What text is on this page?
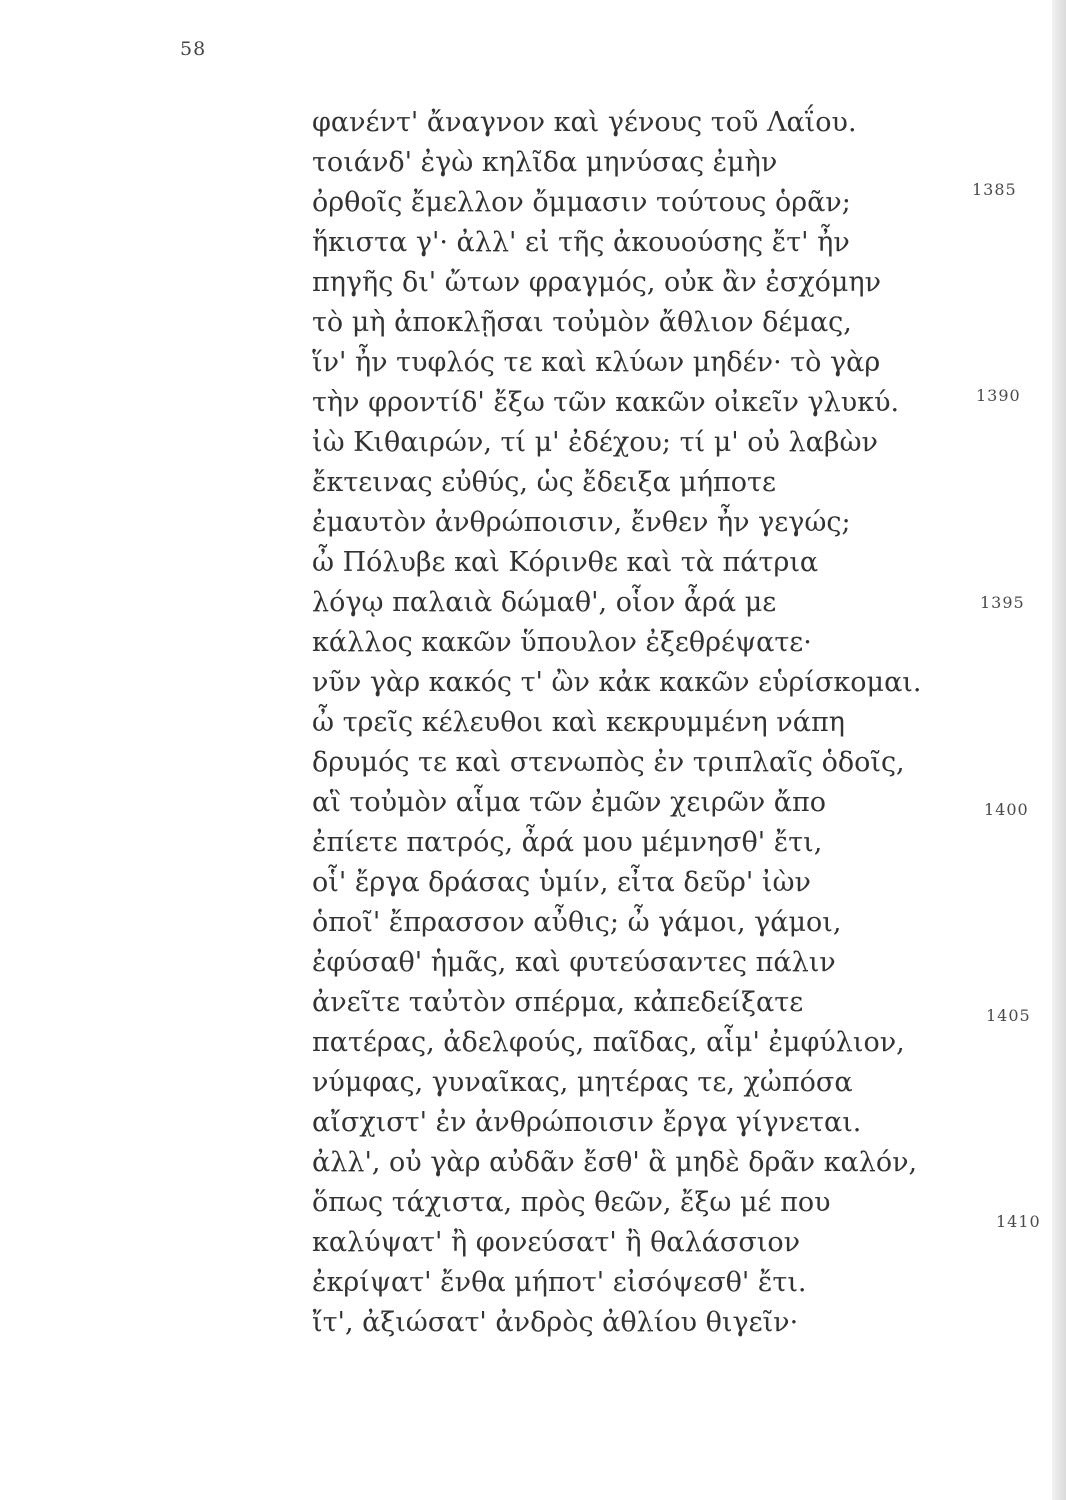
58
φανέντ' ἄναγνον καὶ γένους τοῦ Λαΐου.
τοιάνδ' ἐγὼ κηλῖδα μηνύσας ἐμὴν
ὀρθοῖς ἔμελλον ὄμμασιν τούτους ὁρᾶν;
ἥκιστα γ'· ἀλλ' εἰ τῆς ἀκουούσης ἔτ' ἦν
πηγῆς δι' ὤτων φραγμός, οὐκ ἂν ἐσχόμην
τὸ μὴ ἀποκλῇσαι τοὐμὸν ἄθλιον δέμας,
ἵν' ἦν τυφλός τε καὶ κλύων μηδέν· τὸ γὰρ
τὴν φροντίδ' ἔξω τῶν κακῶν οἰκεῖν γλυκύ.
ἰὼ Κιθαιρών, τί μ' ἐδέχου; τί μ' οὐ λαβὼν
ἔκτεινας εὐθύς, ὡς ἔδειξα μήποτε
ἐμαυτὸν ἀνθρώποισιν, ἔνθεν ἦν γεγώς;
ὦ Πόλυβε καὶ Κόρινθε καὶ τὰ πάτρια
λόγῳ παλαιὰ δώμαθ', οἷον ἆρά με
κάλλος κακῶν ὕπουλον ἐξεθρέψατε·
νῦν γὰρ κακός τ' ὢν κἀκ κακῶν εὑρίσκομαι.
ὦ τρεῖς κέλευθοι καὶ κεκρυμμένη νάπη
δρυμός τε καὶ στενωπὸς ἐν τριπλαῖς ὁδοῖς,
αἳ τοὐμὸν αἷμα τῶν ἐμῶν χειρῶν ἄπο
ἐπίετε πατρός, ἆρά μου μέμνησθ' ἔτι,
οἷ' ἔργα δράσας ὑμίν, εἶτα δεῦρ' ἰὼν
ὁποῖ' ἔπρασσον αὖθις; ὦ γάμοι, γάμοι,
ἐφύσαθ' ἡμᾶς, καὶ φυτεύσαντες πάλιν
ἀνεῖτε ταὐτὸν σπέρμα, κἀπεδείξατε
πατέρας, ἀδελφούς, παῖδας, αἷμ' ἐμφύλιον,
νύμφας, γυναῖκας, μητέρας τε, χὠπόσα
αἴσχιστ' ἐν ἀνθρώποισιν ἔργα γίγνεται.
ἀλλ', οὐ γὰρ αὐδᾶν ἔσθ' ἃ μηδὲ δρᾶν καλόν,
ὅπως τάχιστα, πρὸς θεῶν, ἔξω μέ που
καλύψατ' ἢ φονεύσατ' ἢ θαλάσσιον
ἐκρίψατ' ἔνθα μήποτ' εἰσόψεσθ' ἔτι.
ἴτ', ἀξιώσατ' ἀνδρὸς ἀθλίου θιγεῖν·
1385
1390
1395
1400
1405
1410
